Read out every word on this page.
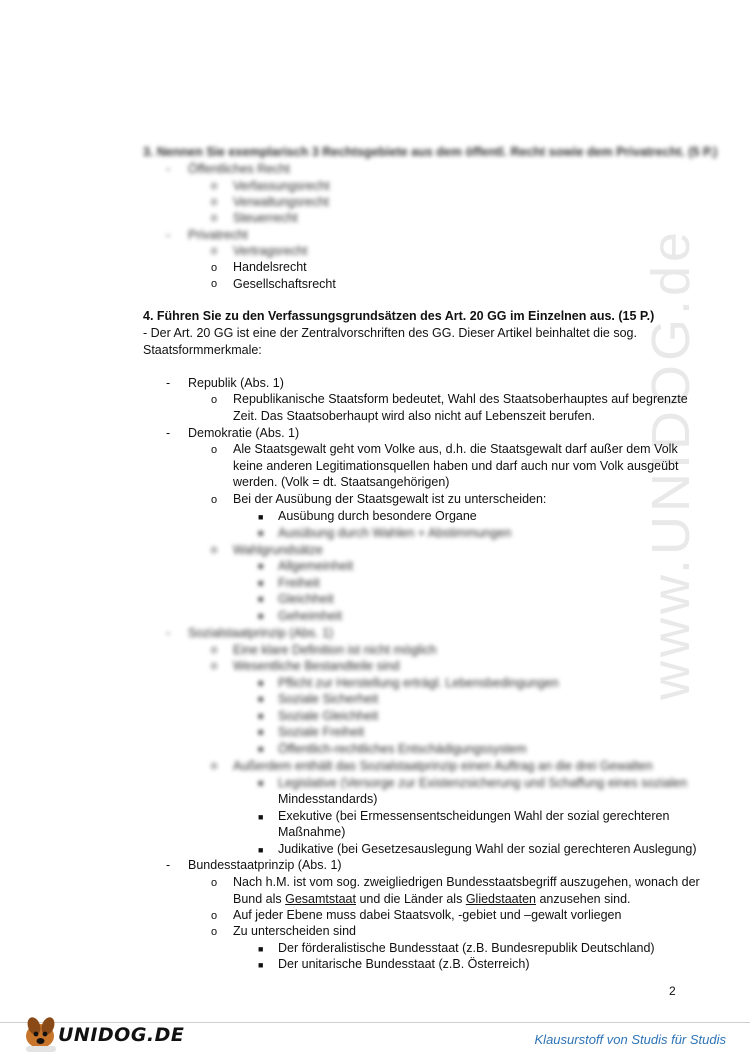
www.UNIDOG.de
3. Nennen Sie exemplarisch 3 Rechtsgebiete aus dem öffentl. Recht sowie dem Privatrecht. (5 P.)
- Öffentliches Recht
o Verfassungsrecht
o Verwaltungsrecht
o Steuerrecht
- Privatrecht
o Vertragsrecht
o Handelsrecht
o Gesellschaftsrecht
4. Führen Sie zu den Verfassungsgrundsätzen des Art. 20 GG im Einzelnen aus. (15 P.)
- Der Art. 20 GG ist eine der Zentralvorschriften des GG. Dieser Artikel beinhaltet die sog.
Staatsformmerkmale:
- Republik (Abs. 1)
o Republikanische Staatsform bedeutet, Wahl des Staatsoberhauptes auf begrenzte
Zeit. Das Staatsoberhaupt wird also nicht auf Lebenszeit berufen.
- Demokratie (Abs. 1)
o Ale Staatsgewalt geht vom Volke aus, d.h. die Staatsgewalt darf außer dem Volk
keine anderen Legitimationsquellen haben und darf auch nur vom Volk ausgeübt
werden. (Volk = dt. Staatsangehörigen)
o Bei der Ausübung der Staatsgewalt ist zu unterscheiden:
■ Ausübung durch besondere Organe
■ Ausübung durch Wahlen + Abstimmungen
o Wahlgrundsätze
■ Allgemeinheit
■ Freiheit
■ Gleichheit
■ Geheimheit
- Sozialstaatprinzip (Abs. 1)
o Eine klare Definition ist nicht möglich
o Wesentliche Bestandteile sind
■ Pflicht zur Herstellung erträgl. Lebensbedingungen
■ Soziale Sicherheit
■ Soziale Gleichheit
■ Soziale Freiheit
■ Öffentlich-rechtliches Entschädigungssystem
o Außerdem enthält das Sozialstaatprinzip einen Auftrag an die drei Gewalten
■ Legislative (Versorge zur Existenzsicherung und Schaffung eines sozialen
Mindesstandards)
■ Exekutive (bei Ermessensentscheidungen Wahl der sozial gerechteren
Maßnahme)
■ Judikative (bei Gesetzesauslegung Wahl der sozial gerechteren Auslegung)
- Bundesstaatprinzip (Abs. 1)
o Nach h.M. ist vom sog. zweigliedrigen Bundesstaatsbegriff auszugehen, wonach der
Bund als Gesamtstaat und die Länder als Gliedstaaten anzusehen sind.
o Auf jeder Ebene muss dabei Staatsvolk, -gebiet und –gewalt vorliegen
o Zu unterscheiden sind
■ Der förderalistische Bundesstaat (z.B. Bundesrepublik Deutschland)
■ Der unitarische Bundesstaat (z.B. Österreich)
2
UNIDOG.DE	Klausurstoff von Studis für Studis
